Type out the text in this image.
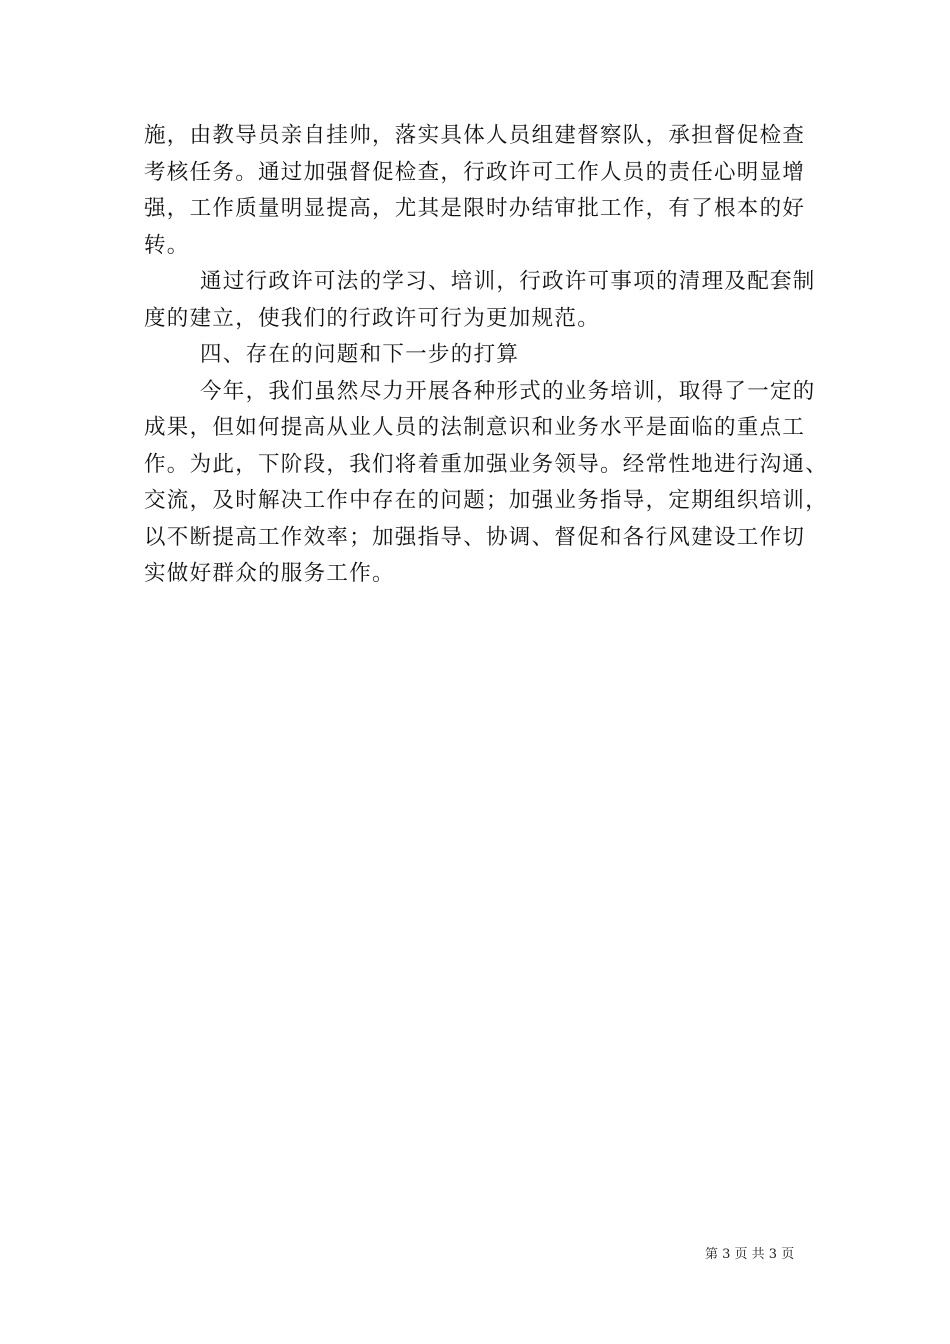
施，由教导员亲自挂帅，落实具体人员组建督察队，承担督促检查
考核任务。通过加强督促检查，行政许可工作人员的责任心明显增
强，工作质量明显提高，尤其是限时办结审批工作，有了根本的好
转。
通过行政许可法的学习、培训，行政许可事项的清理及配套制
度的建立，使我们的行政许可行为更加规范。
四、存在的问题和下一步的打算
今年，我们虽然尽力开展各种形式的业务培训，取得了一定的
成果，但如何提高从业人员的法制意识和业务水平是面临的重点工
作。为此，下阶段，我们将着重加强业务领导。经常性地进行沟通、
交流，及时解决工作中存在的问题；加强业务指导，定期组织培训，
以不断提高工作效率；加强指导、协调、督促和各行风建设工作切
实做好群众的服务工作。
第 3 页 共 3 页
